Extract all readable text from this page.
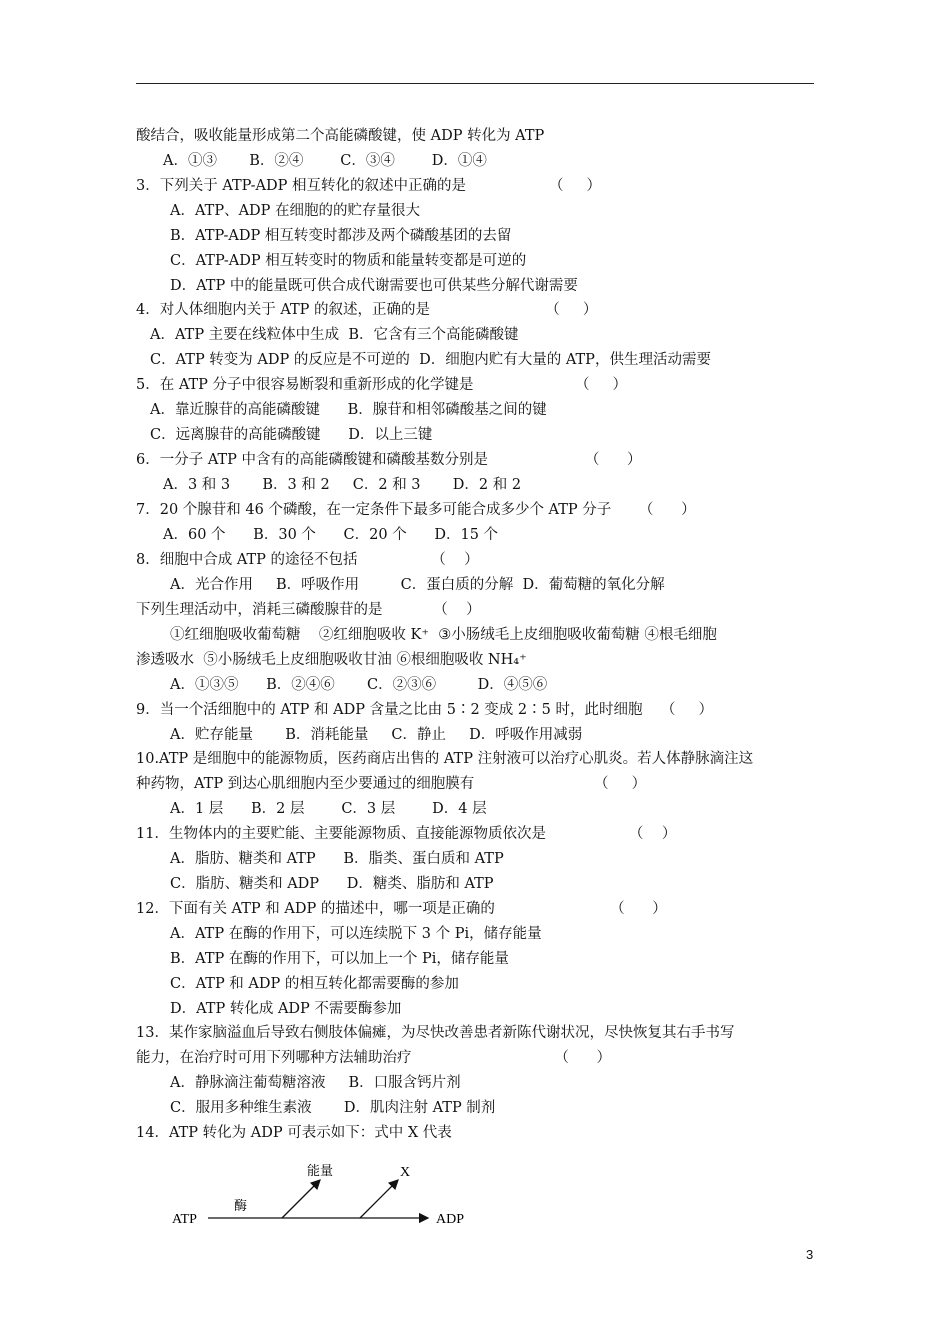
酸结合，吸收能量形成第二个高能磷酸键，使 ADP 转化为 ATP
A．①③       B．②④        C．③④        D．①④
3．下列关于 ATP-ADP 相互转化的叙述中正确的是                  （     ）
A．ATP、ADP 在细胞的的贮存量很大
B．ATP-ADP 相互转变时都涉及两个磷酸基团的去留
C．ATP-ADP 相互转变时的物质和能量转变都是可逆的
D．ATP 中的能量既可供合成代谢需要也可供某些分解代谢需要
4．对人体细胞内关于 ATP 的叙述，正确的是                         （     ）
A．ATP 主要在线粒体中生成  B．它含有三个高能磷酸键
C．ATP 转变为 ADP 的反应是不可逆的  D．细胞内贮有大量的 ATP，供生理活动需要
5．在 ATP 分子中很容易断裂和重新形成的化学键是                      （     ）
A．靠近腺苷的高能磷酸键      B．腺苷和相邻磷酸基之间的键
C．远离腺苷的高能磷酸键      D．以上三键
6．一分子 ATP 中含有的高能磷酸键和磷酸基数分别是                     （      ）
A．3 和 3       B．3 和 2     C．2 和 3       D．2 和 2
7．20 个腺苷和 46 个磷酸，在一定条件下最多可能合成多少个 ATP 分子      （      ）
A．60 个      B．30 个      C．20 个      D．15 个
8．细胞中合成 ATP 的途径不包括                （    ）
A．光合作用     B．呼吸作用         C．蛋白质的分解  D．葡萄糖的氧化分解
下列生理活动中，消耗三磷酸腺苷的是           （    ）
①红细胞吸收葡萄糖    ②红细胞吸收 K⁺  ③小肠绒毛上皮细胞吸收葡萄糖 ④根毛细胞
渗透吸水  ⑤小肠绒毛上皮细胞吸收甘油 ⑥根细胞吸收 NH₄⁺
A．①③⑤      B．②④⑥       C．②③⑥         D．④⑤⑥
9．当一个活细胞中的 ATP 和 ADP 含量之比由 5∶2 变成 2∶5 时，此时细胞    （     ）
A．贮存能量       B．消耗能量     C．静止     D．呼吸作用减弱
10.ATP 是细胞中的能源物质，医药商店出售的 ATP 注射液可以治疗心肌炎。若人体静脉滴注这
种药物，ATP 到达心肌细胞内至少要通过的细胞膜有                          （     ）
A．1 层      B．2 层        C．3 层        D．4 层
11．生物体内的主要贮能、主要能源物质、直接能源物质依次是                  （    ）
A．脂肪、糖类和 ATP      B．脂类、蛋白质和 ATP
C．脂肪、糖类和 ADP      D．糖类、脂肪和 ATP
12．下面有关 ATP 和 ADP 的描述中，哪一项是正确的                         （      ）
A．ATP 在酶的作用下，可以连续脱下 3 个 Pi，储存能量
B．ATP 在酶的作用下，可以加上一个 Pi，储存能量
C．ATP 和 ADP 的相互转化都需要酶的参加
D．ATP 转化成 ADP 不需要酶参加
13．某作家脑溢血后导致右侧肢体偏瘫，为尽快改善患者新陈代谢状况，尽快恢复其右手书写
能力，在治疗时可用下列哪种方法辅助治疗                               （      ）
A．静脉滴注葡萄糖溶液     B．口服含钙片剂
C．服用多种维生素液       D．肌肉注射 ATP 制剂
14．ATP 转化为 ADP 可表示如下：式中 X 代表
ATP	ADP
酶
能量	X
3
